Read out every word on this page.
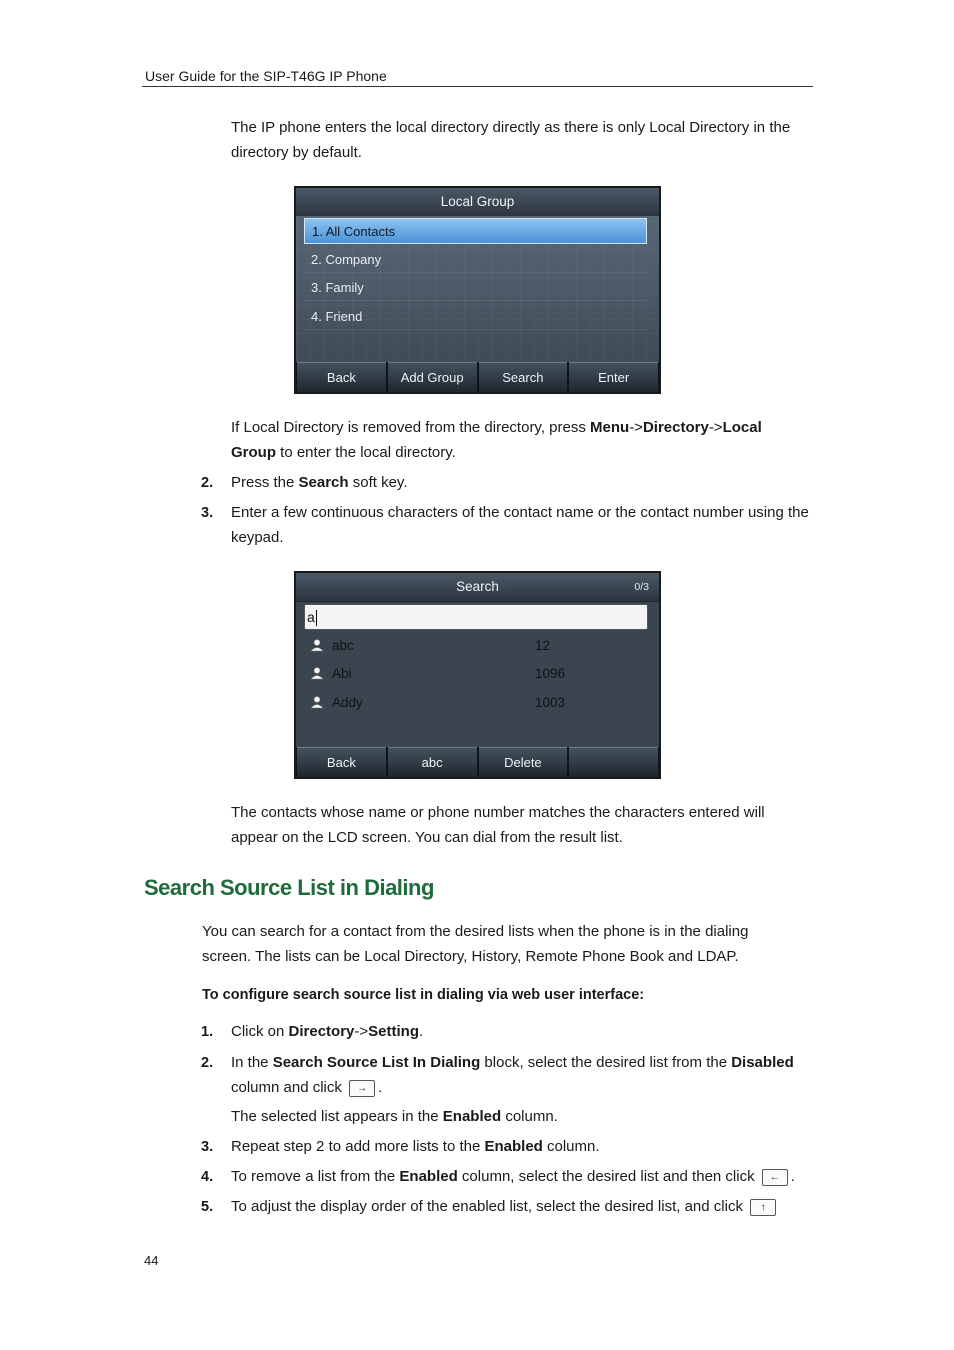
User Guide for the SIP-T46G IP Phone
The IP phone enters the local directory directly as there is only Local Directory in the directory by default.
Local Group
1. All Contacts
2. Company
3. Family
4. Friend
Back	Add Group	Search	Enter
If Local Directory is removed from the directory, press Menu->Directory->Local
Group to enter the local directory.
2. Press the Search soft key.
3. Enter a few continuous characters of the contact name or the contact number using the keypad.
Search	0/3
a
abc	12
Abi	1096
Addy	1003
Back	abc	Delete
The contacts whose name or phone number matches the characters entered will appear on the LCD screen. You can dial from the result list.
Search Source List in Dialing
You can search for a contact from the desired lists when the phone is in the dialing screen. The lists can be Local Directory, History, Remote Phone Book and LDAP.
To configure search source list in dialing via web user interface:
1. Click on Directory->Setting.
2. In the Search Source List In Dialing block, select the desired list from the Disabled
column and click → .
The selected list appears in the Enabled column.
3. Repeat step 2 to add more lists to the Enabled column.
4. To remove a list from the Enabled column, select the desired list and then click ← .
5. To adjust the display order of the enabled list, select the desired list, and click ↑
44
